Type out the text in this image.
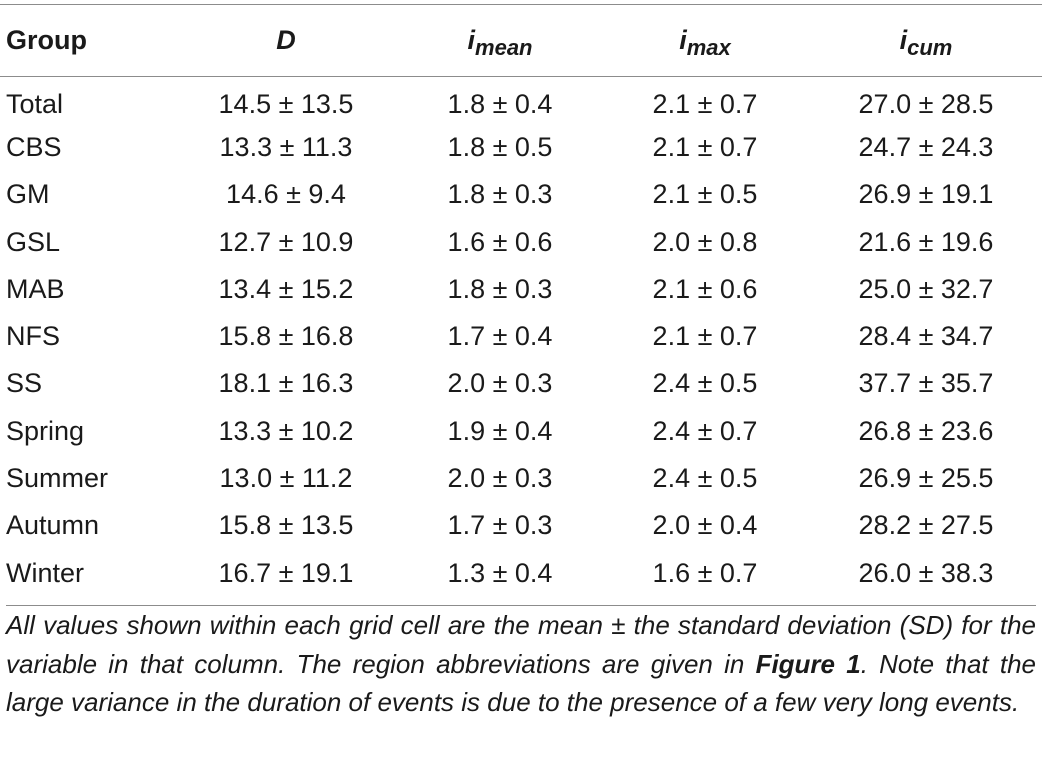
Group	D	$i_{mean}$	$i_{max}$	$i_{cum}$
Total	14.5 ± 13.5	1.8 ± 0.4	2.1 ± 0.7	27.0 ± 28.5
CBS	13.3 ± 11.3	1.8 ± 0.5	2.1 ± 0.7	24.7 ± 24.3
GM	14.6 ± 9.4	1.8 ± 0.3	2.1 ± 0.5	26.9 ± 19.1
GSL	12.7 ± 10.9	1.6 ± 0.6	2.0 ± 0.8	21.6 ± 19.6
MAB	13.4 ± 15.2	1.8 ± 0.3	2.1 ± 0.6	25.0 ± 32.7
NFS	15.8 ± 16.8	1.7 ± 0.4	2.1 ± 0.7	28.4 ± 34.7
SS	18.1 ± 16.3	2.0 ± 0.3	2.4 ± 0.5	37.7 ± 35.7
Spring	13.3 ± 10.2	1.9 ± 0.4	2.4 ± 0.7	26.8 ± 23.6
Summer	13.0 ± 11.2	2.0 ± 0.3	2.4 ± 0.5	26.9 ± 25.5
Autumn	15.8 ± 13.5	1.7 ± 0.3	2.0 ± 0.4	28.2 ± 27.5
Winter	16.7 ± 19.1	1.3 ± 0.4	1.6 ± 0.7	26.0 ± 38.3
All values shown within each grid cell are the mean ± the standard deviation (SD) for the variable in that column. The region abbreviations are given in Figure 1. Note that the large variance in the duration of events is due to the presence of a few very long events.
